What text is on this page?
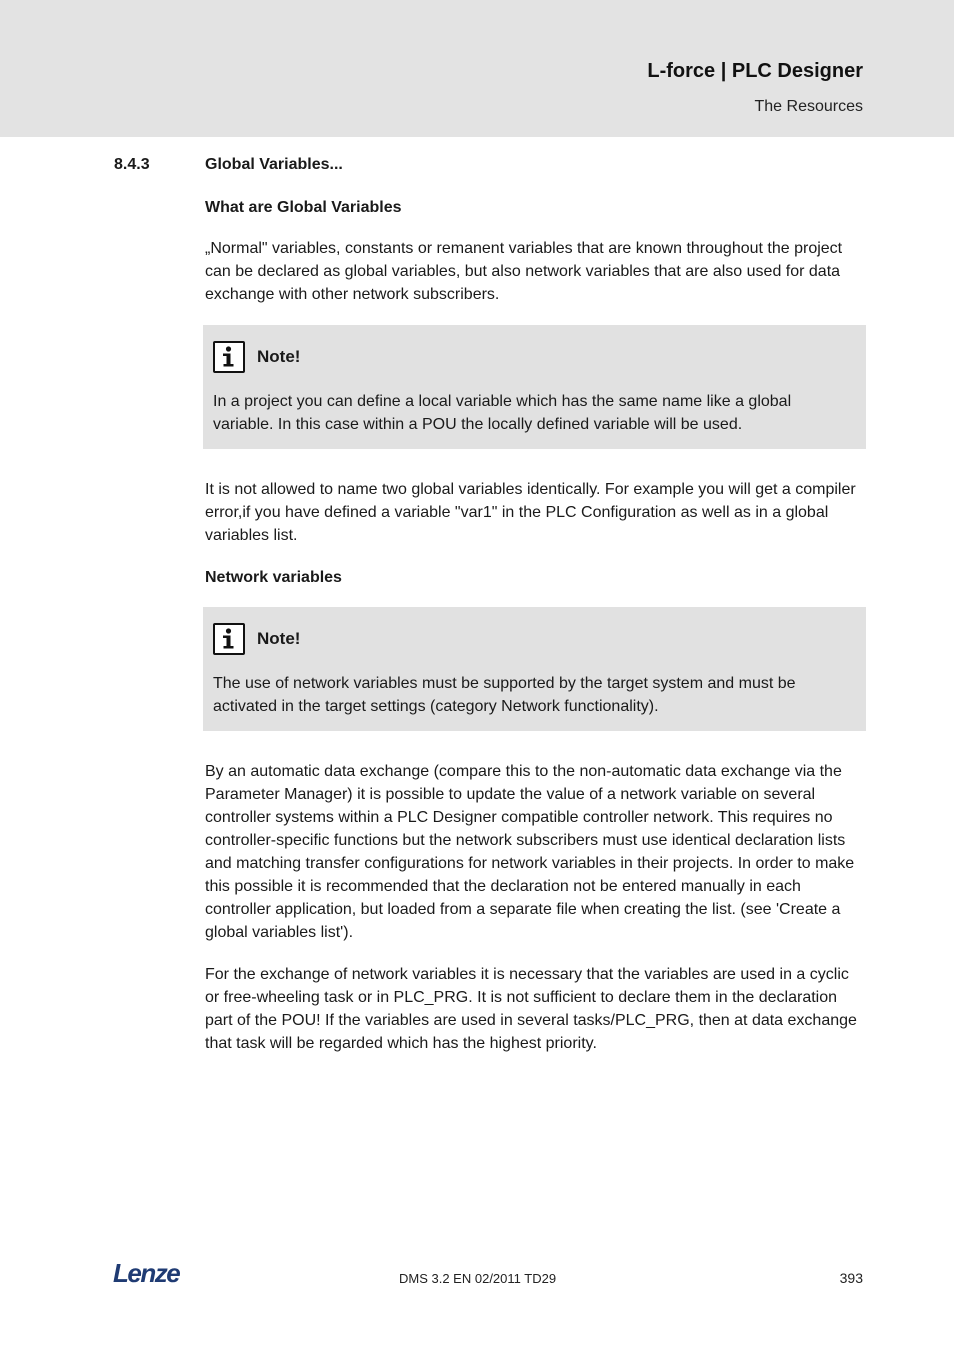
L-force | PLC Designer
The Resources
8.4.3	Global Variables...

What are Global Variables

„Normal" variables, constants or remanent variables that are known throughout the project can be declared as global variables, but also network variables that are also used for data exchange with other network subscribers.

Note!

In a project you can define a local variable which has the same name like a global variable. In this case within a POU the locally defined variable will be used.

It is not allowed to name two global variables identically. For example you will get a compiler error,if you have defined a variable "var1" in the PLC Configuration as well as in a global variables list.

Network variables

Note!

The use of network variables must be supported by the target system and must be activated in the target settings (category Network functionality).

By an automatic data exchange (compare this to the non-automatic data exchange via the Parameter Manager) it is possible to update the value of a network variable on several controller systems within a PLC Designer compatible controller network. This requires no controller-specific functions but the network subscribers must use identical declaration lists and matching transfer configurations for network variables in their projects. In order to make this possible it is recommended that the declaration not be entered manually in each controller application, but loaded from a separate file when creating the list. (see 'Create a global variables list').

For the exchange of network variables it is necessary that the variables are used in a cyclic or free-wheeling task or in PLC_PRG. It is not sufficient to declare them in the declaration part of the POU! If the variables are used in several tasks/PLC_PRG, then at data exchange that task will be regarded which has the highest priority.

Lenze	DMS 3.2 EN 02/2011 TD29	393
